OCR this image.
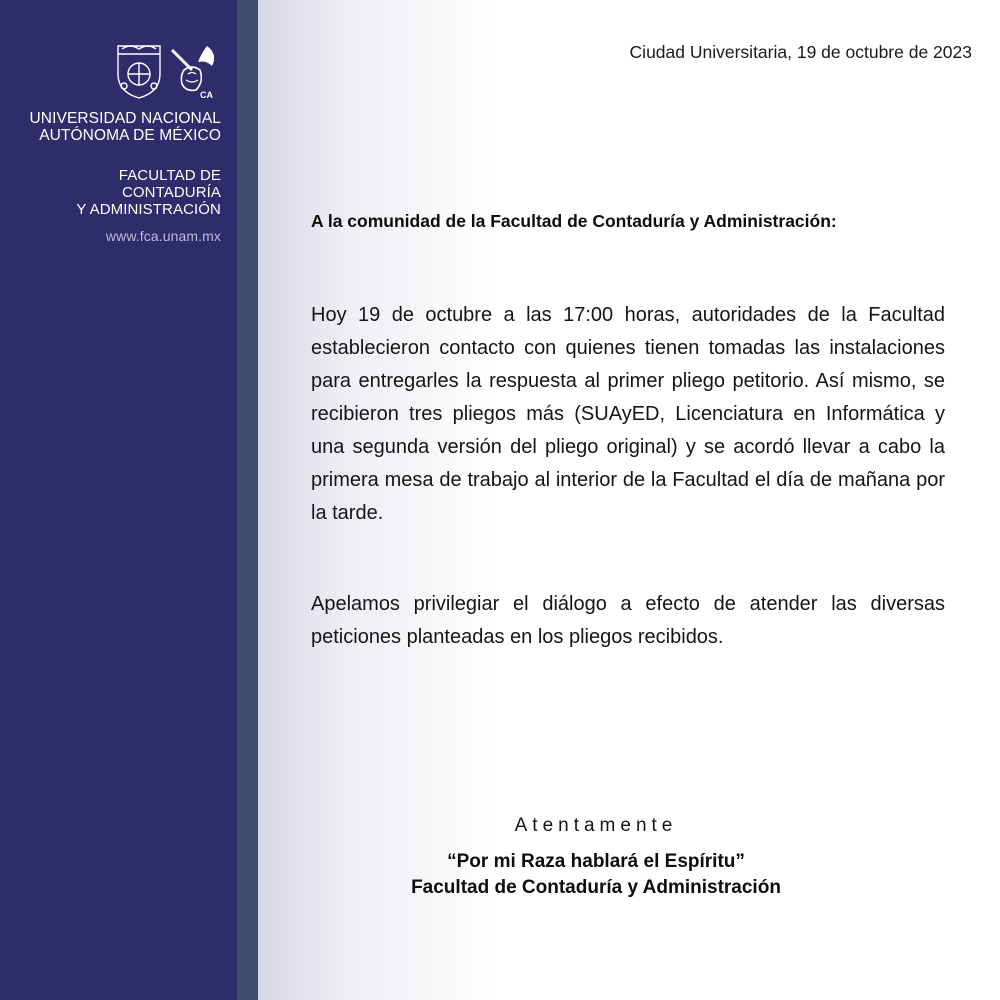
CA
UNIVERSIDAD NACIONAL
AUTÓNOMA DE MÉXICO
FACULTAD DE
CONTADURÍA
Y ADMINISTRACIÓN
www.fca.unam.mx
Ciudad Universitaria, 19 de octubre de 2023
A la comunidad de la Facultad de Contaduría y Administración:

Hoy 19 de octubre a las 17:00 horas, autoridades de la Facultad establecieron contacto con quienes tienen tomadas las instalaciones para entregarles la respuesta al primer pliego petitorio. Así mismo, se recibieron tres pliegos más (SUAyED, Licenciatura en Informática y una segunda versión del pliego original) y se acordó llevar a cabo la primera mesa de trabajo al interior de la Facultad el día de mañana por la tarde.

Apelamos privilegiar el diálogo a efecto de atender las diversas peticiones planteadas en los pliegos recibidos.

Atentamente
“Por mi Raza hablará el Espíritu”
Facultad de Contaduría y Administración
